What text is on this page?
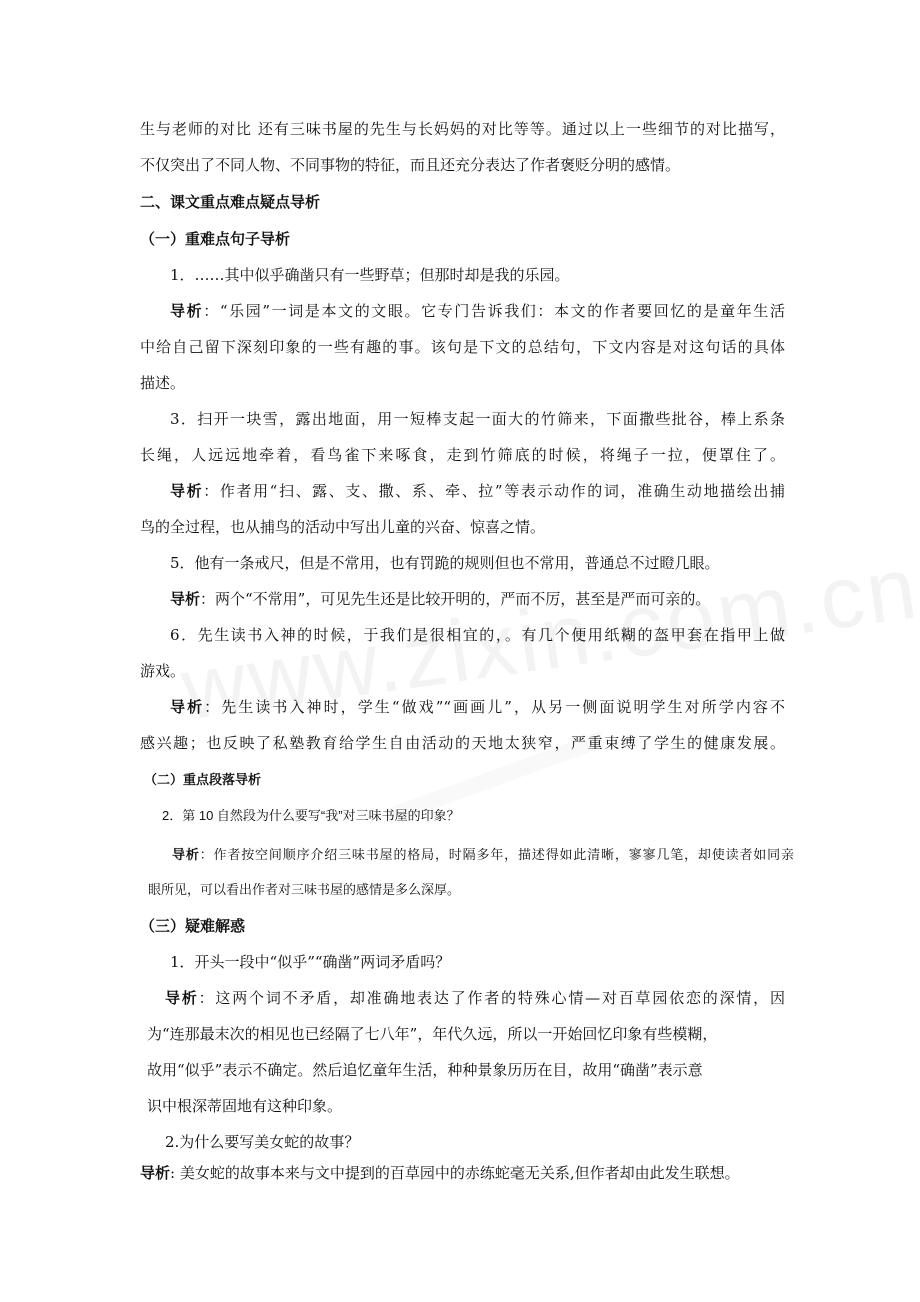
生与老师的对比 还有三味书屋的先生与长妈妈的对比等等。通过以上一些细节的对比描写，
不仅突出了不同人物、不同事物的特征，而且还充分表达了作者褒贬分明的感情。
二、课文重点难点疑点导析
（一）重难点句子导析
1．……其中似乎确凿只有一些野草；但那时却是我的乐园。
导析：“乐园”一词是本文的文眼。它专门告诉我们：本文的作者要回忆的是童年生活
中给自己留下深刻印象的一些有趣的事。该句是下文的总结句，下文内容是对这句话的具体
描述。
3．扫开一块雪，露出地面，用一短棒支起一面大的竹筛来，下面撒些批谷，棒上系条
长绳，人远远地牵着，看鸟雀下来啄食，走到竹筛底的时候，将绳子一拉，便罩住了。
导析：作者用“扫、露、支、撒、系、牵、拉”等表示动作的词，准确生动地描绘出捕
鸟的全过程，也从捕鸟的活动中写出儿童的兴奋、惊喜之情。
5．他有一条戒尺，但是不常用，也有罚跪的规则但也不常用，普通总不过瞪几眼。
导析：两个“不常用”，可见先生还是比较开明的，严而不厉，甚至是严而可亲的。
6．先生读书入神的时候，于我们是很相宜的，。有几个便用纸糊的盔甲套在指甲上做
游戏。
导析：先生读书入神时，学生“做戏”“画画儿”，从另一侧面说明学生对所学内容不
感兴趣；也反映了私塾教育给学生自由活动的天地太狭窄，严重束缚了学生的健康发展。
（二）重点段落导析
2．第 10 自然段为什么要写“我”对三味书屋的印象？
导析：作者按空间顺序介绍三味书屋的格局，时隔多年，描述得如此清晰，寥寥几笔，却使读者如同亲
眼所见，可以看出作者对三味书屋的感情是多么深厚。
（三）疑难解惑
1．开头一段中“似乎”“确凿”两词矛盾吗？
导析：这两个词不矛盾，却准确地表达了作者的特殊心情—对百草园依恋的深情，因
为“连那最末次的相见也已经隔了七八年”，年代久远，所以一开始回忆印象有些模糊，
故用“似乎”表示不确定。然后追忆童年生活，种种景象历历在目，故用“确凿”表示意
识中根深蒂固地有这种印象。
2.为什么要写美女蛇的故事？
导析: 美女蛇的故事本来与文中提到的百草园中的赤练蛇毫无关系,但作者却由此发生联想。
